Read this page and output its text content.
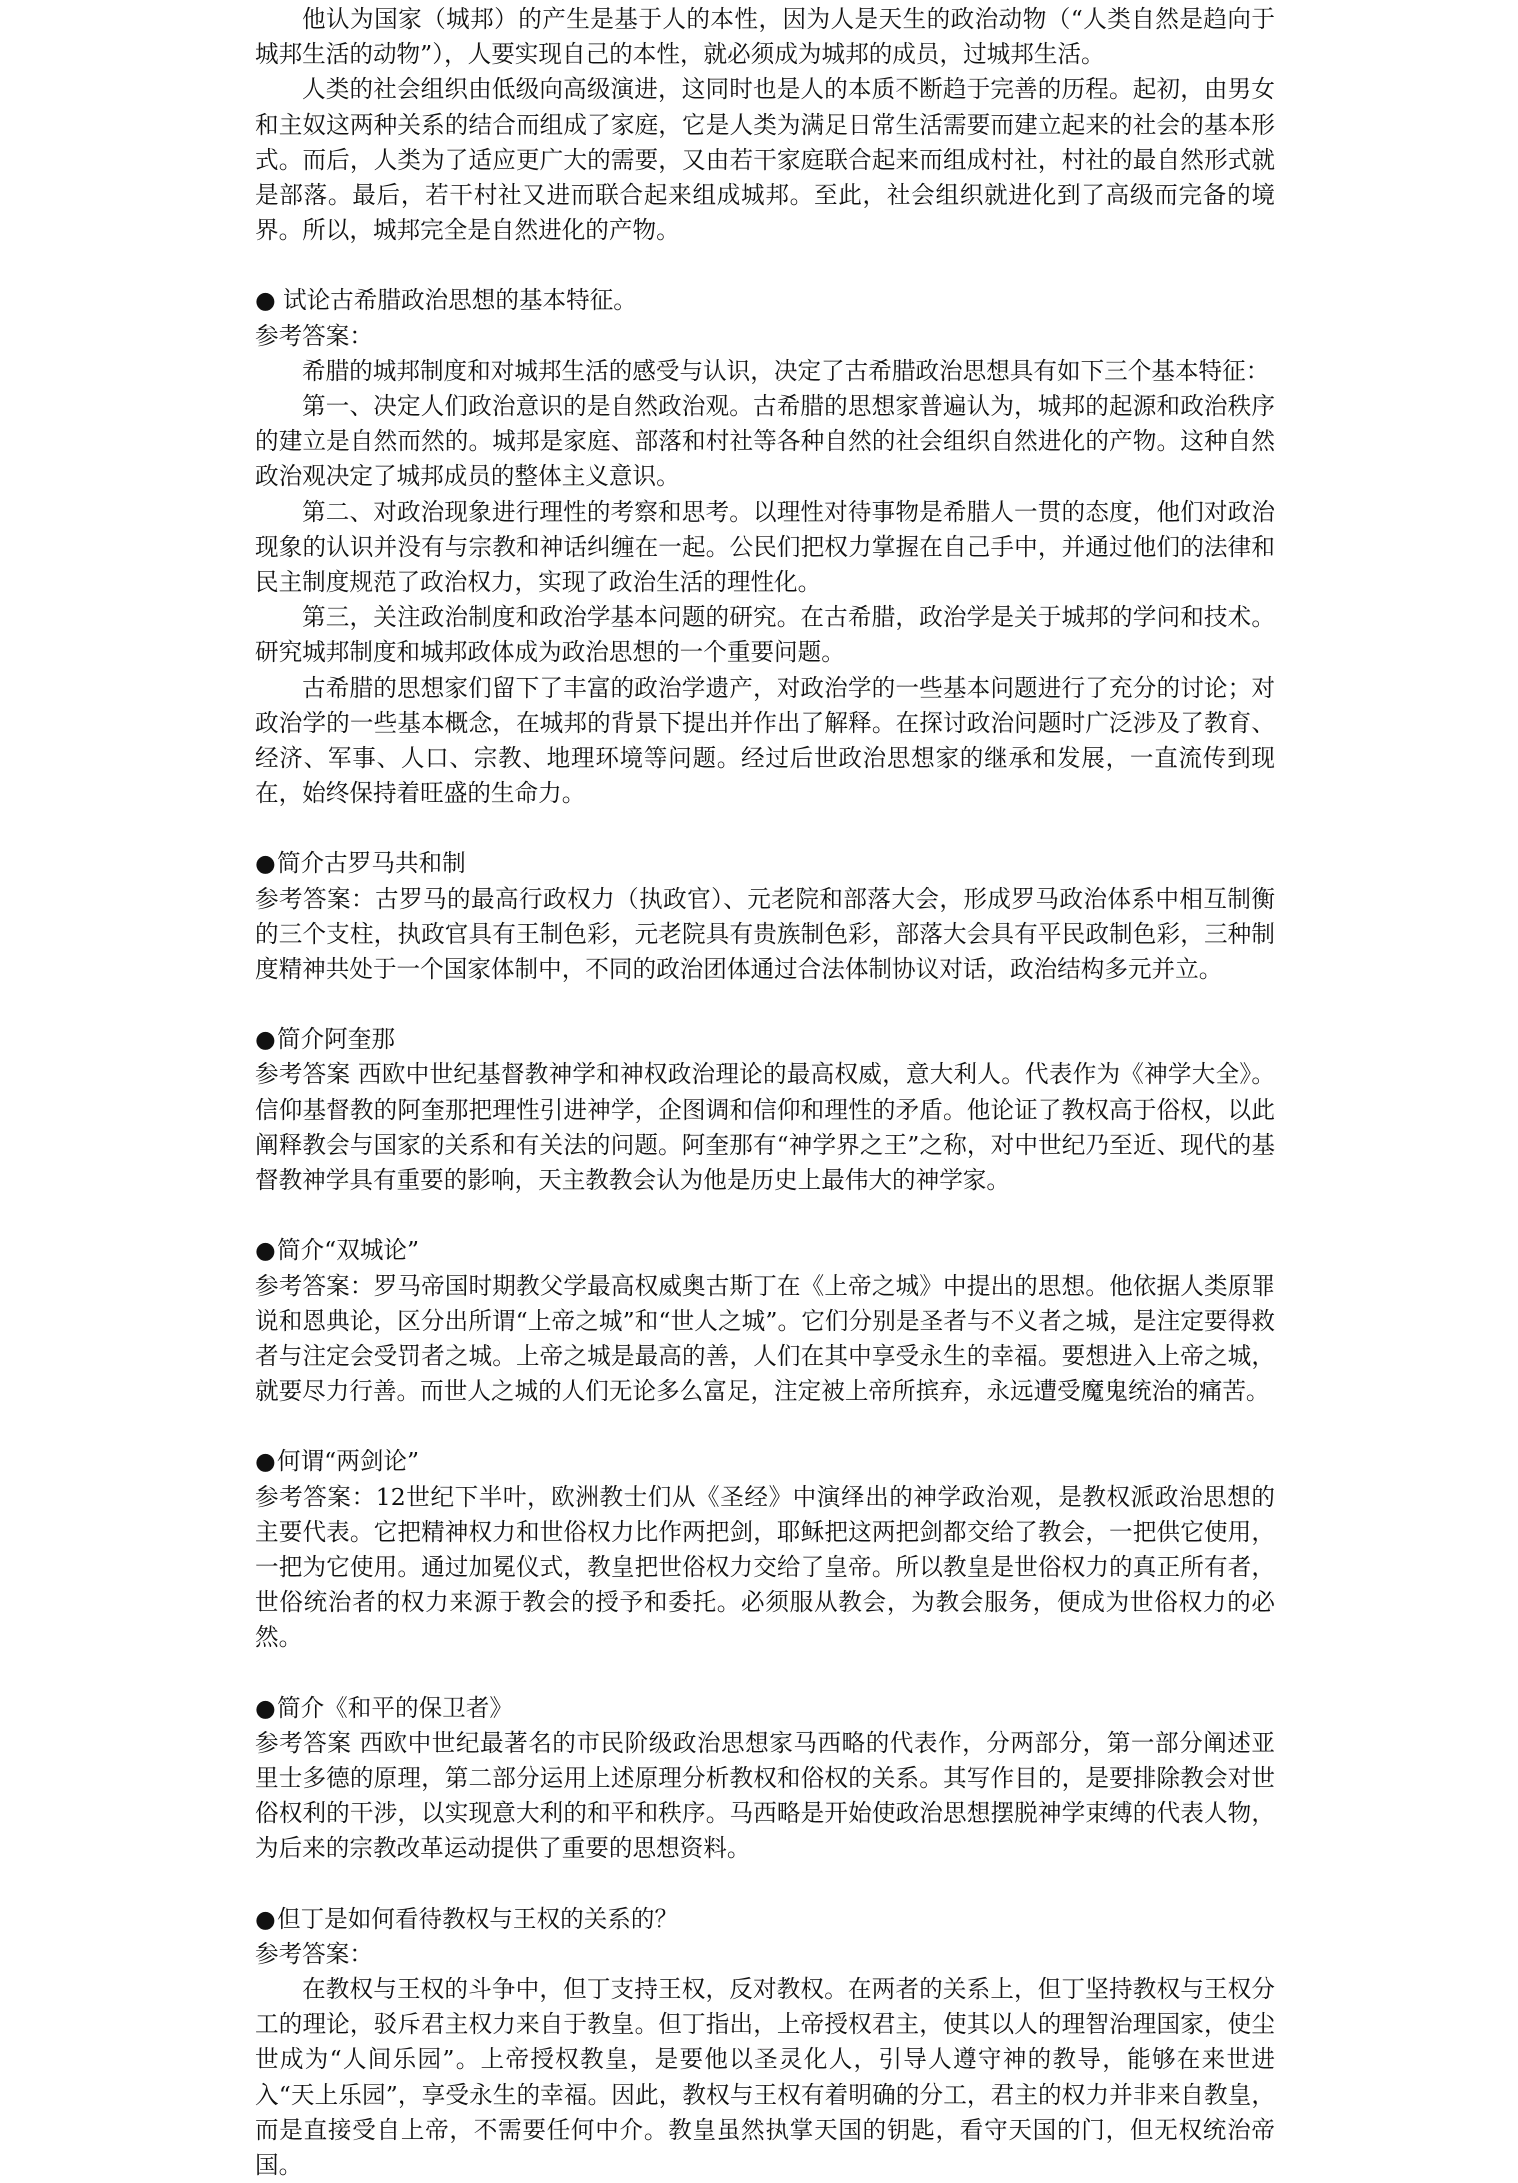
他认为国家（城邦）的产生是基于人的本性，因为人是天生的政治动物（“人类自然是趋向于城邦生活的动物”），人要实现自己的本性，就必须成为城邦的成员，过城邦生活。

人类的社会组织由低级向高级演进，这同时也是人的本质不断趋于完善的历程。起初，由男女和主奴这两种关系的结合而组成了家庭，它是人类为满足日常生活需要而建立起来的社会的基本形式。而后，人类为了适应更广大的需要，又由若干家庭联合起来而组成村社，村社的最自然形式就是部落。最后，若干村社又进而联合起来组成城邦。至此，社会组织就进化到了高级而完备的境界。所以，城邦完全是自然进化的产物。

● 试论古希腊政治思想的基本特征。

参考答案：

希腊的城邦制度和对城邦生活的感受与认识，决定了古希腊政治思想具有如下三个基本特征：

第一、决定人们政治意识的是自然政治观。古希腊的思想家普遍认为，城邦的起源和政治秩序的建立是自然而然的。城邦是家庭、部落和村社等各种自然的社会组织自然进化的产物。这种自然政治观决定了城邦成员的整体主义意识。

第二、对政治现象进行理性的考察和思考。以理性对待事物是希腊人一贯的态度，他们对政治现象的认识并没有与宗教和神话纠缠在一起。公民们把权力掌握在自己手中，并通过他们的法律和民主制度规范了政治权力，实现了政治生活的理性化。

第三，关注政治制度和政治学基本问题的研究。在古希腊，政治学是关于城邦的学问和技术。研究城邦制度和城邦政体成为政治思想的一个重要问题。

古希腊的思想家们留下了丰富的政治学遗产，对政治学的一些基本问题进行了充分的讨论；对政治学的一些基本概念，在城邦的背景下提出并作出了解释。在探讨政治问题时广泛涉及了教育、经济、军事、人口、宗教、地理环境等问题。经过后世政治思想家的继承和发展，一直流传到现在，始终保持着旺盛的生命力。

●简介古罗马共和制

参考答案：古罗马的最高行政权力（执政官）、元老院和部落大会，形成罗马政治体系中相互制衡的三个支柱，执政官具有王制色彩，元老院具有贵族制色彩，部落大会具有平民政制色彩，三种制度精神共处于一个国家体制中，不同的政治团体通过合法体制协议对话，政治结构多元并立。

●简介阿奎那

参考答案 西欧中世纪基督教神学和神权政治理论的最高权威，意大利人。代表作为《神学大全》。信仰基督教的阿奎那把理性引进神学，企图调和信仰和理性的矛盾。他论证了教权高于俗权，以此阐释教会与国家的关系和有关法的问题。阿奎那有“神学界之王”之称，对中世纪乃至近、现代的基督教神学具有重要的影响，天主教教会认为他是历史上最伟大的神学家。

●简介“双城论”

参考答案：罗马帝国时期教父学最高权威奥古斯丁在《上帝之城》中提出的思想。他依据人类原罪说和恩典论，区分出所谓“上帝之城”和“世人之城”。它们分别是圣者与不义者之城，是注定要得救者与注定会受罚者之城。上帝之城是最高的善，人们在其中享受永生的幸福。要想进入上帝之城，就要尽力行善。而世人之城的人们无论多么富足，注定被上帝所摈弃，永远遭受魔鬼统治的痛苦。

●何谓“两剑论”

参考答案：12世纪下半叶，欧洲教士们从《圣经》中演绎出的神学政治观，是教权派政治思想的主要代表。它把精神权力和世俗权力比作两把剑，耶稣把这两把剑都交给了教会，一把供它使用，一把为它使用。通过加冕仪式，教皇把世俗权力交给了皇帝。所以教皇是世俗权力的真正所有者，世俗统治者的权力来源于教会的授予和委托。必须服从教会，为教会服务，便成为世俗权力的必然。

●简介《和平的保卫者》

参考答案 西欧中世纪最著名的市民阶级政治思想家马西略的代表作，分两部分，第一部分阐述亚里士多德的原理，第二部分运用上述原理分析教权和俗权的关系。其写作目的，是要排除教会对世俗权利的干涉，以实现意大利的和平和秩序。马西略是开始使政治思想摆脱神学束缚的代表人物，为后来的宗教改革运动提供了重要的思想资料。

●但丁是如何看待教权与王权的关系的？

参考答案：

在教权与王权的斗争中，但丁支持王权，反对教权。在两者的关系上，但丁坚持教权与王权分工的理论，驳斥君主权力来自于教皇。但丁指出，上帝授权君主，使其以人的理智治理国家，使尘世成为“人间乐园”。上帝授权教皇，是要他以圣灵化人，引导人遵守神的教导，能够在来世进入“天上乐园”，享受永生的幸福。因此，教权与王权有着明确的分工，君主的权力并非来自教皇，而是直接受自上帝，不需要任何中介。教皇虽然执掌天国的钥匙，看守天国的门，但无权统治帝国。
